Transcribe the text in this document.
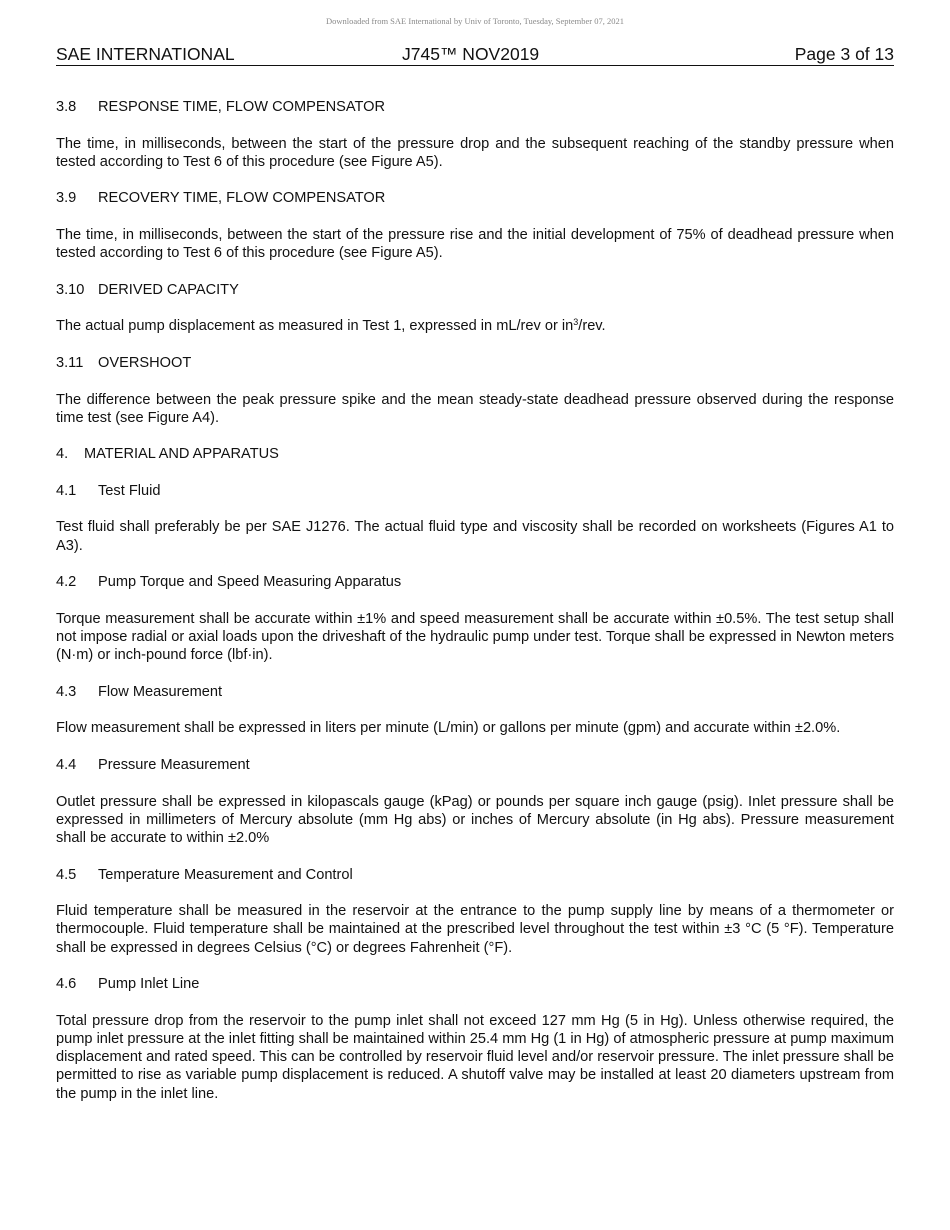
Downloaded from SAE International by Univ of Toronto, Tuesday, September 07, 2021
SAE INTERNATIONAL	J745™ NOV2019	Page 3 of 13
3.8 RESPONSE TIME, FLOW COMPENSATOR
The time, in milliseconds, between the start of the pressure drop and the subsequent reaching of the standby pressure when tested according to Test 6 of this procedure (see Figure A5).
3.9 RECOVERY TIME, FLOW COMPENSATOR
The time, in milliseconds, between the start of the pressure rise and the initial development of 75% of deadhead pressure when tested according to Test 6 of this procedure (see Figure A5).
3.10 DERIVED CAPACITY
The actual pump displacement as measured in Test 1, expressed in mL/rev or $in^3$/rev.
3.11 OVERSHOOT
The difference between the peak pressure spike and the mean steady-state deadhead pressure observed during the response time test (see Figure A4).
4. MATERIAL AND APPARATUS
4.1 Test Fluid
Test fluid shall preferably be per SAE J1276. The actual fluid type and viscosity shall be recorded on worksheets (Figures A1 to A3).
4.2 Pump Torque and Speed Measuring Apparatus
Torque measurement shall be accurate within ±1% and speed measurement shall be accurate within ±0.5%. The test setup shall not impose radial or axial loads upon the driveshaft of the hydraulic pump under test. Torque shall be expressed in Newton meters (N·m) or inch-pound force (lbf·in).
4.3 Flow Measurement
Flow measurement shall be expressed in liters per minute (L/min) or gallons per minute (gpm) and accurate within ±2.0%.
4.4 Pressure Measurement
Outlet pressure shall be expressed in kilopascals gauge (kPag) or pounds per square inch gauge (psig). Inlet pressure shall be expressed in millimeters of Mercury absolute (mm Hg abs) or inches of Mercury absolute (in Hg abs). Pressure measurement shall be accurate to within ±2.0%
4.5 Temperature Measurement and Control
Fluid temperature shall be measured in the reservoir at the entrance to the pump supply line by means of a thermometer or thermocouple. Fluid temperature shall be maintained at the prescribed level throughout the test within ±3 °C (5 °F). Temperature shall be expressed in degrees Celsius (°C) or degrees Fahrenheit (°F).
4.6 Pump Inlet Line
Total pressure drop from the reservoir to the pump inlet shall not exceed 127 mm Hg (5 in Hg). Unless otherwise required, the pump inlet pressure at the inlet fitting shall be maintained within 25.4 mm Hg (1 in Hg) of atmospheric pressure at pump maximum displacement and rated speed. This can be controlled by reservoir fluid level and/or reservoir pressure. The inlet pressure shall be permitted to rise as variable pump displacement is reduced. A shutoff valve may be installed at least 20 diameters upstream from the pump in the inlet line.
